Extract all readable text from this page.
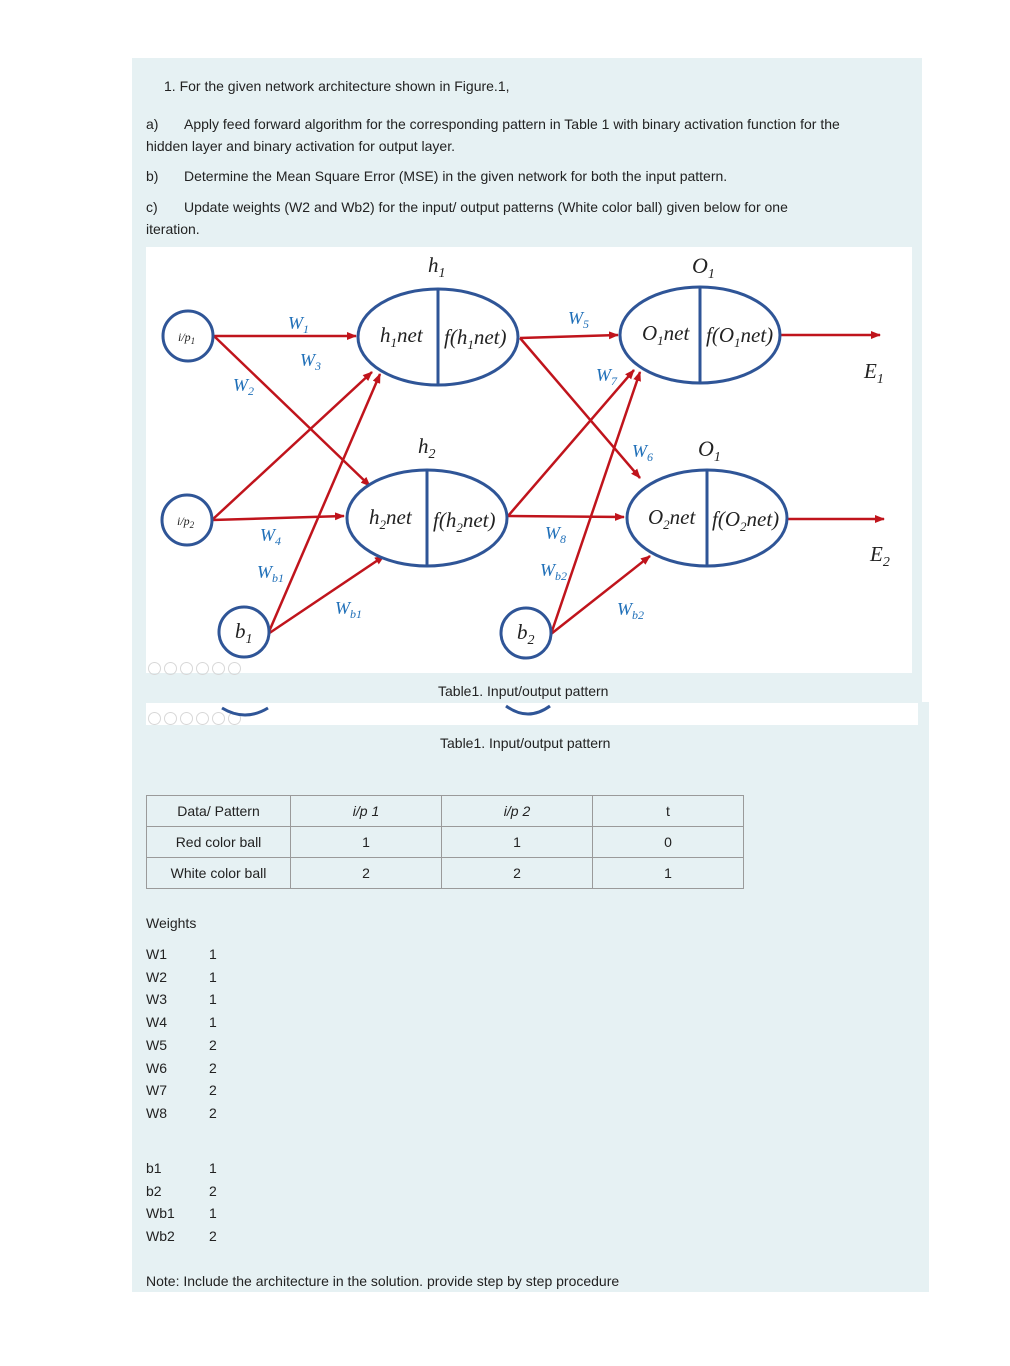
1. For the given network architecture shown in Figure.1,
a) Apply feed forward algorithm for the corresponding pattern in Table 1 with binary activation function for the
hidden layer and binary activation for output layer.
b) Determine the Mean Square Error (MSE) in the given network for both the input pattern.
c) Update weights (W2 and Wb2) for the input/ output patterns (White color ball) given below for one
iteration.
$i/p_1$
$i/p_2$
$b_1$	$b_2$
$h_1$
$h_2$
$O_1$
$O_1$
$h_1net$ $f(h_1net)$
$h_2net$ $f(h_2net)$
$O_1net$ $f(O_1net)$
$O_2net$ $f(O_2net)$
$E_1$
$E_2$
$W_1$
$W_3$
$W_2$
$W_4$
$W_{b1}$
$W_{b1}$
$W_5$
$W_7$
$W_6$
$W_8$
$W_{b2}$
$W_{b2}$
Table1. Input/output pattern
Table1. Input/output pattern
Data/ Pattern	i/p 1	i/p 2	t
Red color ball	1	1	0
White color ball	2	2	1
Weights
W1	1
W2	1
W3	1
W4	1
W5	2
W6	2
W7	2
W8	2
b1	1
b2	2
Wb1	1
Wb2	2
Note: Include the architecture in the solution. provide step by step procedure
